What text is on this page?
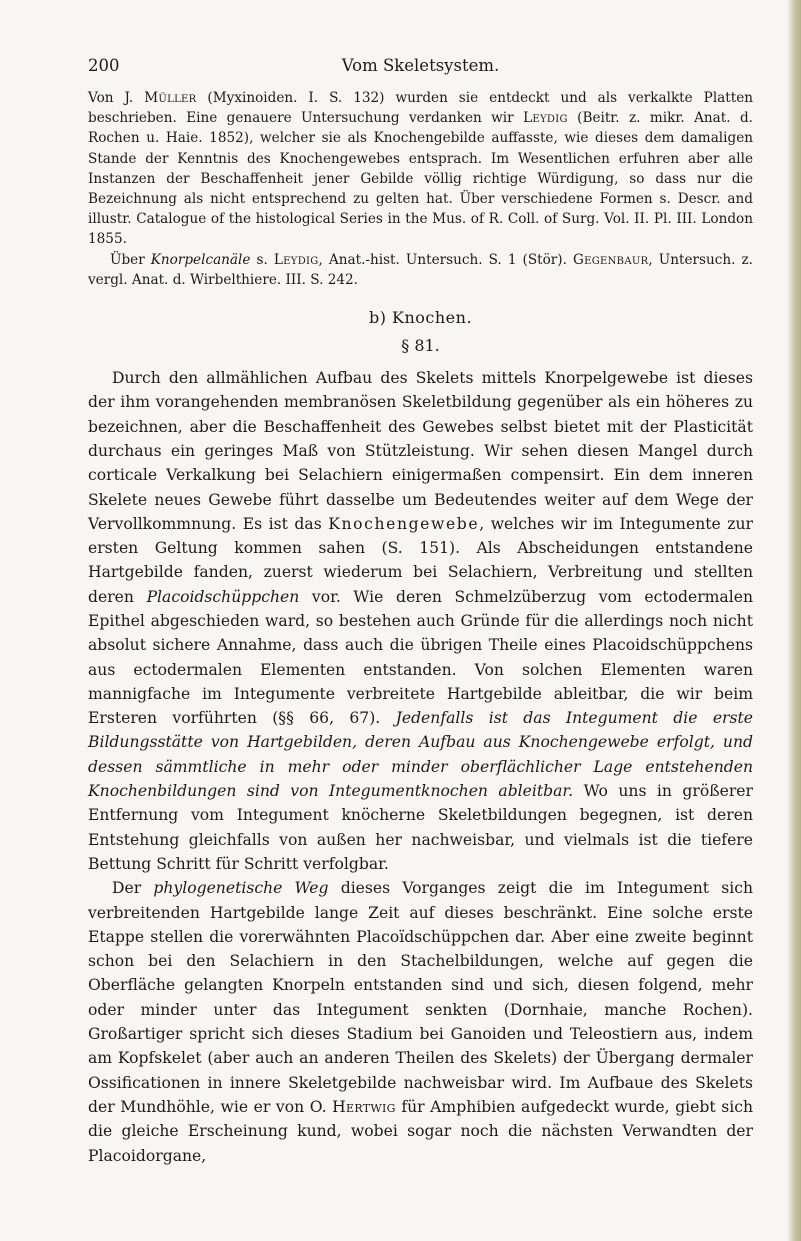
200	Vom Skeletsystem.

Von J. Müller (Myxinoiden. I. S. 132) wurden sie entdeckt und als verkalkte Platten beschrieben. Eine genauere Untersuchung verdanken wir Leydig (Beitr. z. mikr. Anat. d. Rochen u. Haie. 1852), welcher sie als Knochengebilde auffasste, wie dieses dem damaligen Stande der Kenntnis des Knochengewebes entsprach. Im Wesentlichen erfuhren aber alle Instanzen der Beschaffenheit jener Gebilde völlig richtige Würdigung, so dass nur die Bezeichnung als nicht entsprechend zu gelten hat. Über verschiedene Formen s. Descr. and illustr. Catalogue of the histological Series in the Mus. of R. Coll. of Surg. Vol. II. Pl. III. London 1855.

Über Knorpelcanäle s. Leydig, Anat.-hist. Untersuch. S. 1 (Stör). Gegenbaur, Untersuch. z. vergl. Anat. d. Wirbelthiere. III. S. 242.

b) Knochen.
§ 81.

Durch den allmählichen Aufbau des Skelets mittels Knorpelgewebe ist dieses der ihm vorangehenden membranösen Skeletbildung gegenüber als ein höheres zu bezeichnen, aber die Beschaffenheit des Gewebes selbst bietet mit der Plasticität durchaus ein geringes Maß von Stützleistung. Wir sehen diesen Mangel durch corticale Verkalkung bei Selachiern einigermaßen compensirt. Ein dem inneren Skelete neues Gewebe führt dasselbe um Bedeutendes weiter auf dem Wege der Vervollkommnung. Es ist das Knochengewebe, welches wir im Integumente zur ersten Geltung kommen sahen (S. 151). Als Abscheidungen entstandene Hartgebilde fanden, zuerst wiederum bei Selachiern, Verbreitung und stellten deren Placoidschüppchen vor. Wie deren Schmelzüberzug vom ectodermalen Epithel abgeschieden ward, so bestehen auch Gründe für die allerdings noch nicht absolut sichere Annahme, dass auch die übrigen Theile eines Placoidschüppchens aus ectodermalen Elementen entstanden. Von solchen Elementen waren mannigfache im Integumente verbreitete Hartgebilde ableitbar, die wir beim Ersteren vorführten (§§ 66, 67). Jedenfalls ist das Integument die erste Bildungsstätte von Hartgebilden, deren Aufbau aus Knochengewebe erfolgt, und dessen sämmtliche in mehr oder minder oberflächlicher Lage entstehenden Knochenbildungen sind von Integumentknochen ableitbar. Wo uns in größerer Entfernung vom Integument knöcherne Skeletbildungen begegnen, ist deren Entstehung gleichfalls von außen her nachweisbar, und vielmals ist die tiefere Bettung Schritt für Schritt verfolgbar.

Der phylogenetische Weg dieses Vorganges zeigt die im Integument sich verbreitenden Hartgebilde lange Zeit auf dieses beschränkt. Eine solche erste Etappe stellen die vorerwähnten Placoïdschüppchen dar. Aber eine zweite beginnt schon bei den Selachiern in den Stachelbildungen, welche auf gegen die Oberfläche gelangten Knorpeln entstanden sind und sich, diesen folgend, mehr oder minder unter das Integument senkten (Dornhaie, manche Rochen). Großartiger spricht sich dieses Stadium bei Ganoiden und Teleostiern aus, indem am Kopfskelet (aber auch an anderen Theilen des Skelets) der Übergang dermaler Ossificationen in innere Skeletgebilde nachweisbar wird. Im Aufbaue des Skelets der Mundhöhle, wie er von O. Hertwig für Amphibien aufgedeckt wurde, giebt sich die gleiche Erscheinung kund, wobei sogar noch die nächsten Verwandten der Placoidorgane,
